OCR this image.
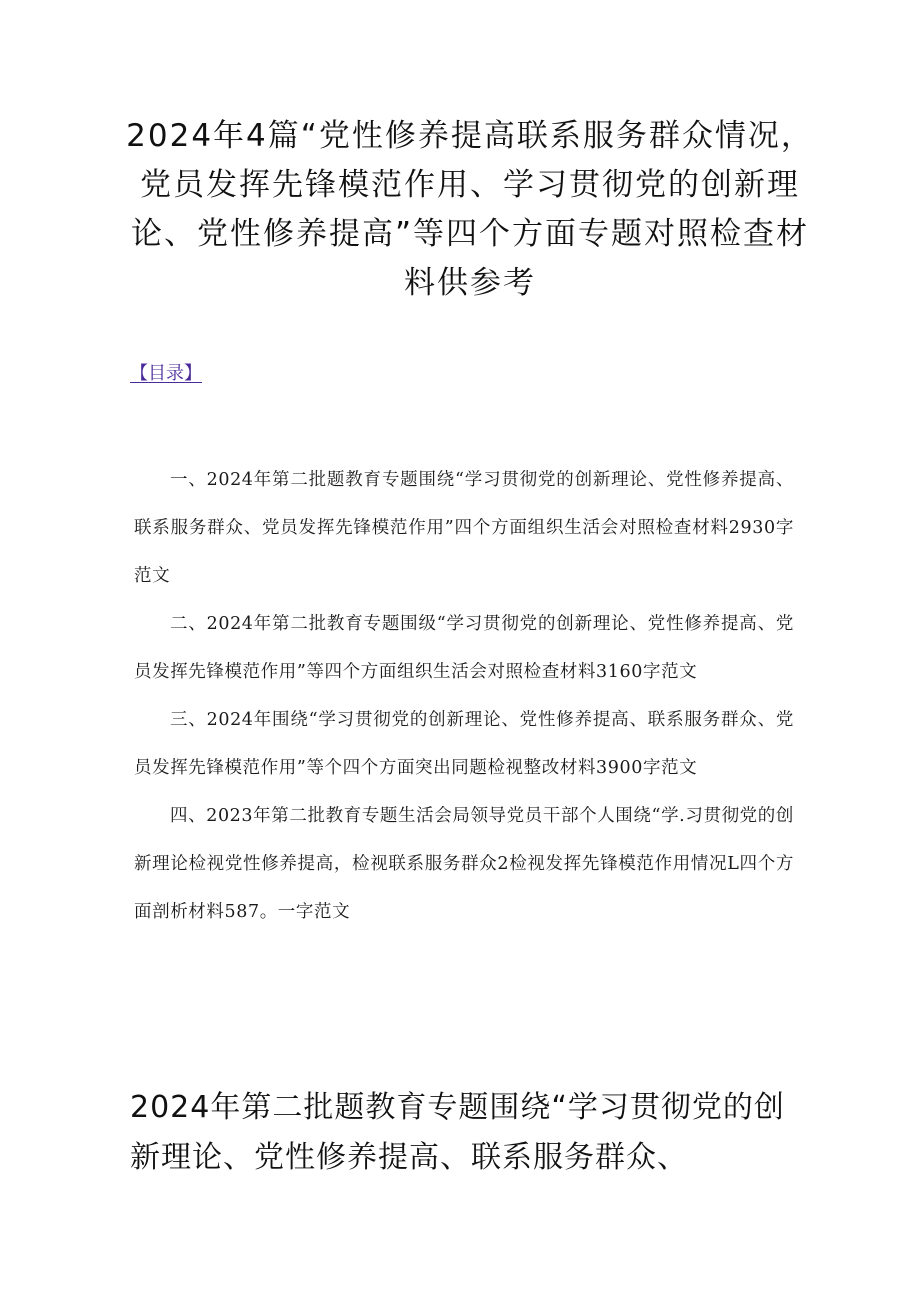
2024年4篇“党性修养提高联系服务群众情况，党员发挥先锋模范作用、学习贯彻党的创新理论、党性修养提高”等四个方面专题对照检查材料供参考
【目录】
一、2024年第二批题教育专题围绕“学习贯彻党的创新理论、党性修养提高、联系服务群众、党员发挥先锋模范作用”四个方面组织生活会对照检查材料2930字范文
二、2024年第二批教育专题围级“学习贯彻党的创新理论、党性修养提高、党员发挥先锋模范作用”等四个方面组织生活会对照检查材料3160字范文
三、2024年围绕“学习贯彻党的创新理论、党性修养提高、联系服务群众、党员发挥先锋模范作用”等个四个方面突出同题检视整改材料3900字范文
四、2023年第二批教育专题生活会局领导党员干部个人围绕“学.习贯彻党的创新理论检视党性修养提高，检视联系服务群众2检视发挥先锋模范作用情况L四个方面剖析材料587。一字范文
2024年第二批题教育专题围绕“学习贯彻党的创新理论、党性修养提高、联系服务群众、
